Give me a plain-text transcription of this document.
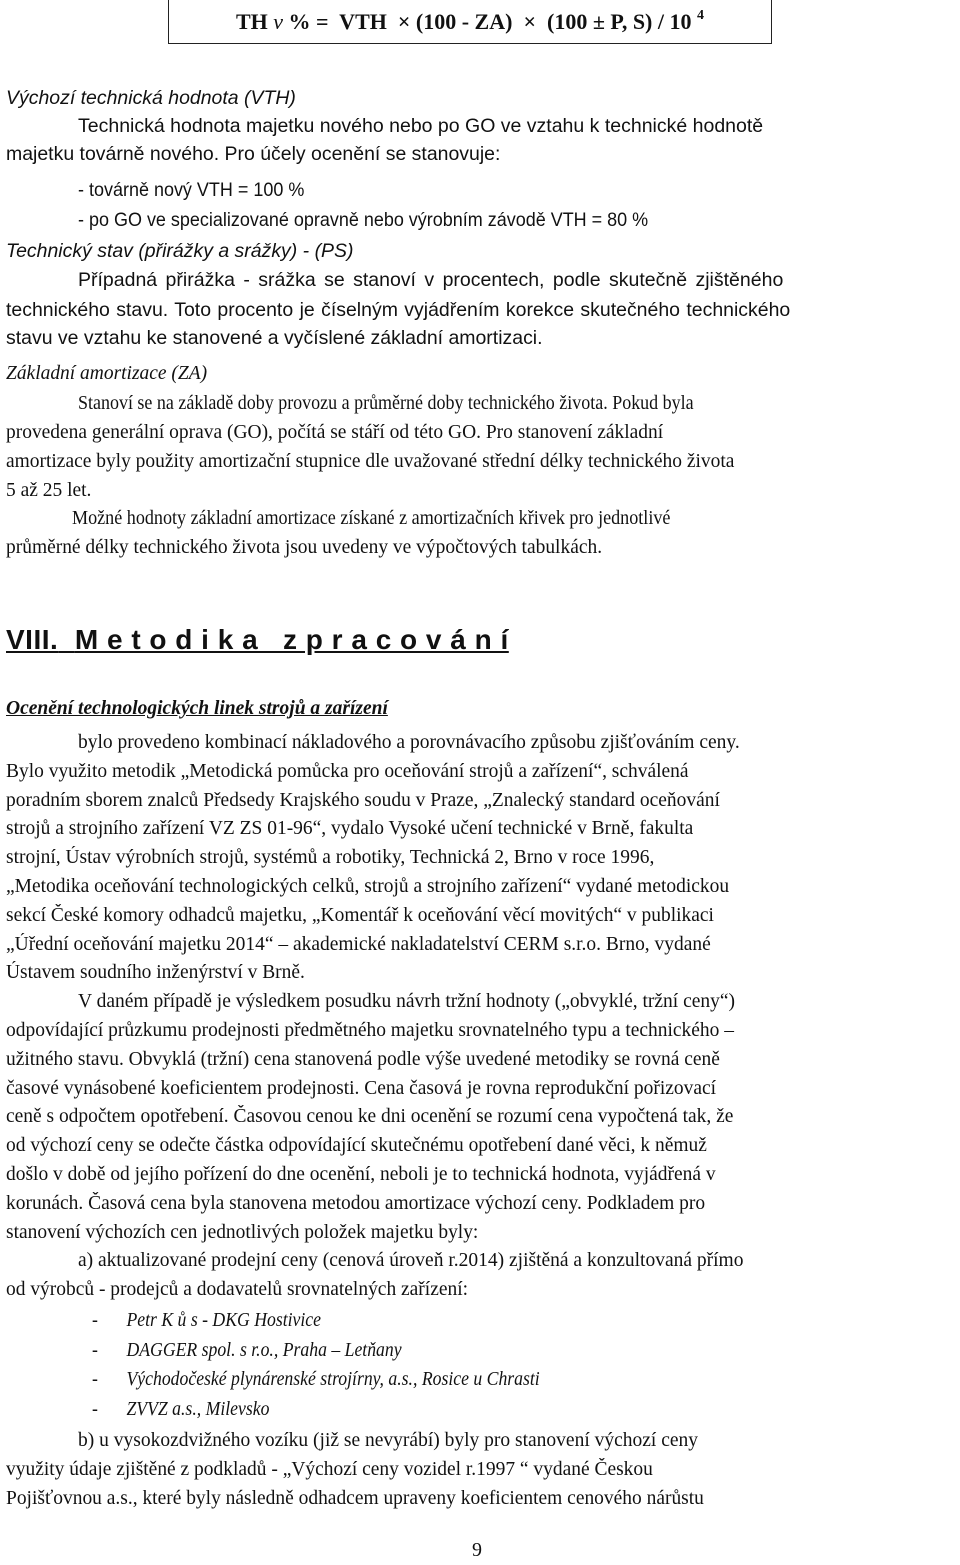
TH
v
% =  VTH
×
(100 - ZA)
×
(100 ± P, S) / 10
$^4$
Výchozí technická hodnota (VTH)
Technická hodnota majetku nového nebo po GO ve vztahu k technické hodnotě
majetku továrně nového. Pro účely ocenění se stanovuje:
- továrně nový VTH = 100 %
- po GO ve specializované opravně nebo výrobním závodě VTH = 80 %
Technický stav (přirážky a srážky) - (PS)
Případná přirážka - srážka se stanoví v procentech, podle skutečně zjištěného
technického stavu. Toto procento je číselným vyjádřením korekce skutečného technického
stavu ve vztahu ke stanovené a vyčíslené základní amortizaci.
Základní amortizace (ZA)
Stanoví se na základě doby provozu a průměrné doby technického života. Pokud byla
provedena generální oprava (GO), počítá se stáří od této GO. Pro stanovení základní
amortizace byly použity amortizační stupnice dle uvažované střední délky technického života
5 až 25 let.
Možné hodnoty základní amortizace získané z amortizačních křivek pro jednotlivé
průměrné délky technického života jsou uvedeny ve výpočtových tabulkách.
VIII. M e t o d i k a   z p r a c o v á n í
Ocenění technologických linek strojů a zařízení
bylo provedeno kombinací nákladového a porovnávacího způsobu zjišťováním ceny.
Bylo využito metodik „Metodická pomůcka pro oceňování strojů a zařízení“, schválená
poradním sborem znalců Předsedy Krajského soudu v Praze, „Znalecký standard oceňování
strojů a strojního zařízení VZ ZS 01-96“, vydalo Vysoké učení technické v Brně, fakulta
strojní, Ústav výrobních strojů, systémů a robotiky, Technická 2, Brno v roce 1996,
„Metodika oceňování technologických celků, strojů a strojního zařízení“ vydané metodickou
sekcí České komory odhadců majetku, „Komentář k oceňování věcí movitých“ v publikaci
„Úřední oceňování majetku 2014“ – akademické nakladatelství CERM s.r.o. Brno, vydané
Ústavem soudního inženýrství v Brně.
V daném případě je výsledkem posudku návrh tržní hodnoty („obvyklé, tržní ceny“)
odpovídající průzkumu prodejnosti předmětného majetku srovnatelného typu a technického –
užitného stavu. Obvyklá (tržní) cena stanovená podle výše uvedené metodiky se rovná ceně
časové vynásobené koeficientem prodejnosti. Cena časová je rovna reprodukční pořizovací
ceně s odpočtem opotřebení. Časovou cenou ke dni ocenění se rozumí cena vypočtená tak, že
od výchozí ceny se odečte částka odpovídající skutečnému opotřebení dané věci, k němuž
došlo v době od jejího pořízení do dne ocenění, neboli je to technická hodnota, vyjádřená v
korunách. Časová cena byla stanovena metodou amortizace výchozí ceny. Podkladem pro
stanovení výchozích cen jednotlivých položek majetku byly:
a) aktualizované prodejní ceny (cenová úroveň r.2014) zjištěná a konzultovaná přímo
od výrobců - prodejců a dodavatelů srovnatelných zařízení:
- Petr K ů s - DKG Hostivice
- DAGGER spol. s r.o., Praha – Letňany
- Východočeské plynárenské strojírny, a.s., Rosice u Chrasti
- ZVVZ a.s., Milevsko
b) u vysokozdvižného vozíku (již se nevyrábí) byly pro stanovení výchozí ceny
využity údaje zjištěné z podkladů - „Výchozí ceny vozidel r.1997 “ vydané Českou
Pojišťovnou a.s., které byly následně odhadcem upraveny koeficientem cenového nárůstu
9
